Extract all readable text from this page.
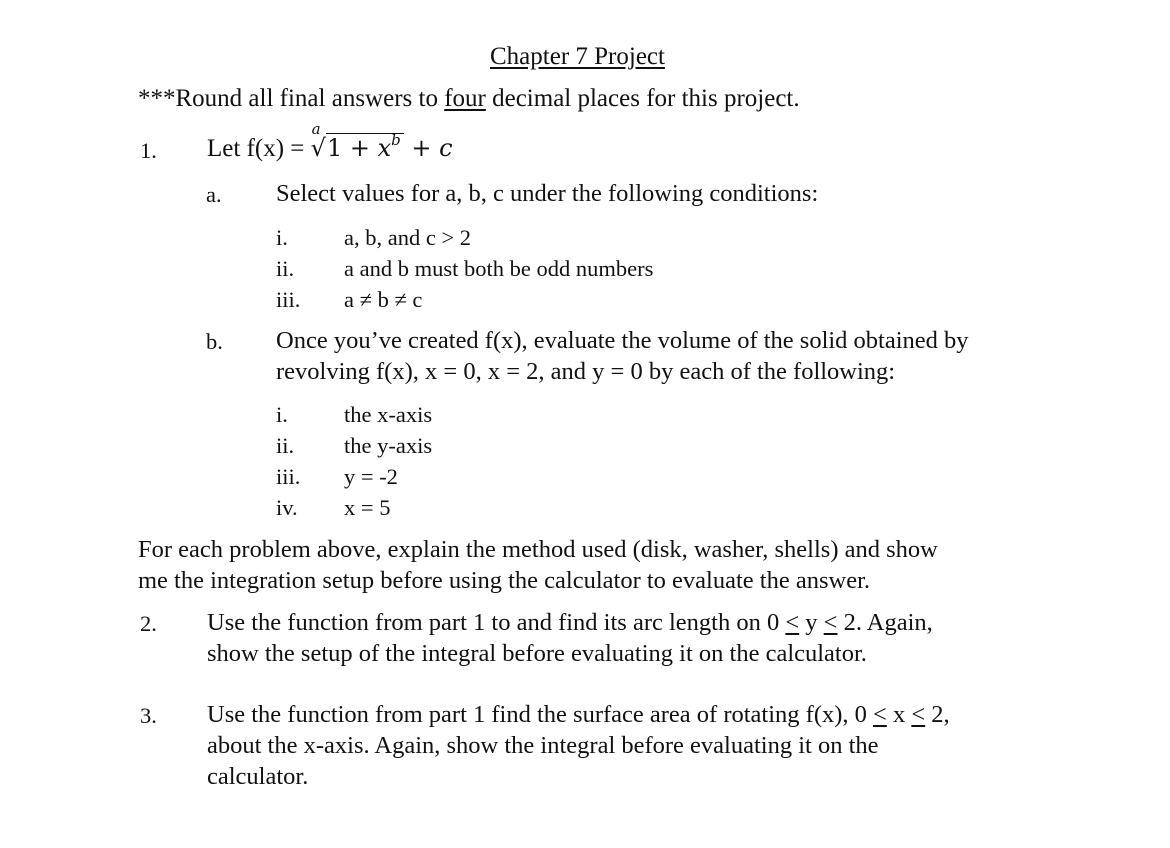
Chapter 7 Project
***Round all final answers to four decimal places for this project.
1. Let f(x) =
a
$√1 + x^b + c$
a. Select values for a, b, c under the following conditions:
i. a, b, and c > 2
ii. a and b must both be odd numbers
iii. a ≠ b ≠ c
b. Once you’ve created f(x), evaluate the volume of the solid obtained by
revolving f(x), x = 0, x = 2, and y = 0 by each of the following:
i. the x-axis
ii. the y-axis
iii. y = -2
iv. x = 5
For each problem above, explain the method used (disk, washer, shells) and show
me the integration setup before using the calculator to evaluate the answer.
2. Use the function from part 1 to and find its arc length on 0 ≤ y ≤ 2. Again,
show the setup of the integral before evaluating it on the calculator.
3. Use the function from part 1 find the surface area of rotating f(x), 0 ≤ x ≤ 2,
about the x-axis. Again, show the integral before evaluating it on the
calculator.
